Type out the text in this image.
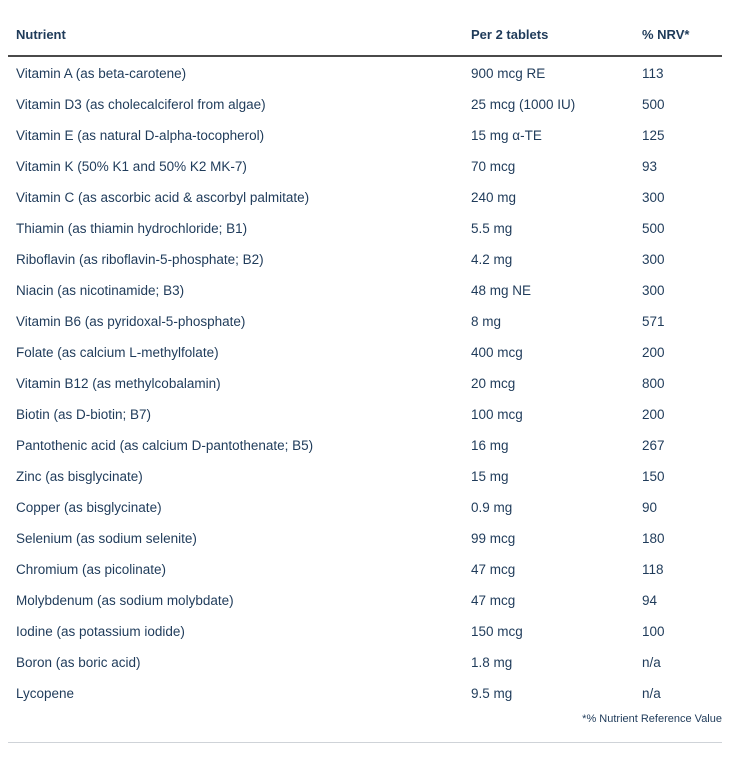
Nutrient	Per 2 tablets	% NRV*
Vitamin A (as beta-carotene)	900 mcg RE	113
Vitamin D3 (as cholecalciferol from algae)	25 mcg (1000 IU)	500
Vitamin E (as natural D-alpha-tocopherol)	15 mg α-TE	125
Vitamin K (50% K1 and 50% K2 MK-7)	70 mcg	93
Vitamin C (as ascorbic acid & ascorbyl palmitate)	240 mg	300
Thiamin (as thiamin hydrochloride; B1)	5.5 mg	500
Riboflavin (as riboflavin-5-phosphate; B2)	4.2 mg	300
Niacin (as nicotinamide; B3)	48 mg NE	300
Vitamin B6 (as pyridoxal-5-phosphate)	8 mg	571
Folate (as calcium L-methylfolate)	400 mcg	200
Vitamin B12 (as methylcobalamin)	20 mcg	800
Biotin (as D-biotin; B7)	100 mcg	200
Pantothenic acid (as calcium D-pantothenate; B5)	16 mg	267
Zinc (as bisglycinate)	15 mg	150
Copper (as bisglycinate)	0.9 mg	90
Selenium (as sodium selenite)	99 mcg	180
Chromium (as picolinate)	47 mcg	118
Molybdenum (as sodium molybdate)	47 mcg	94
Iodine (as potassium iodide)	150 mcg	100
Boron (as boric acid)	1.8 mg	n/a
Lycopene	9.5 mg	n/a
*% Nutrient Reference Value
